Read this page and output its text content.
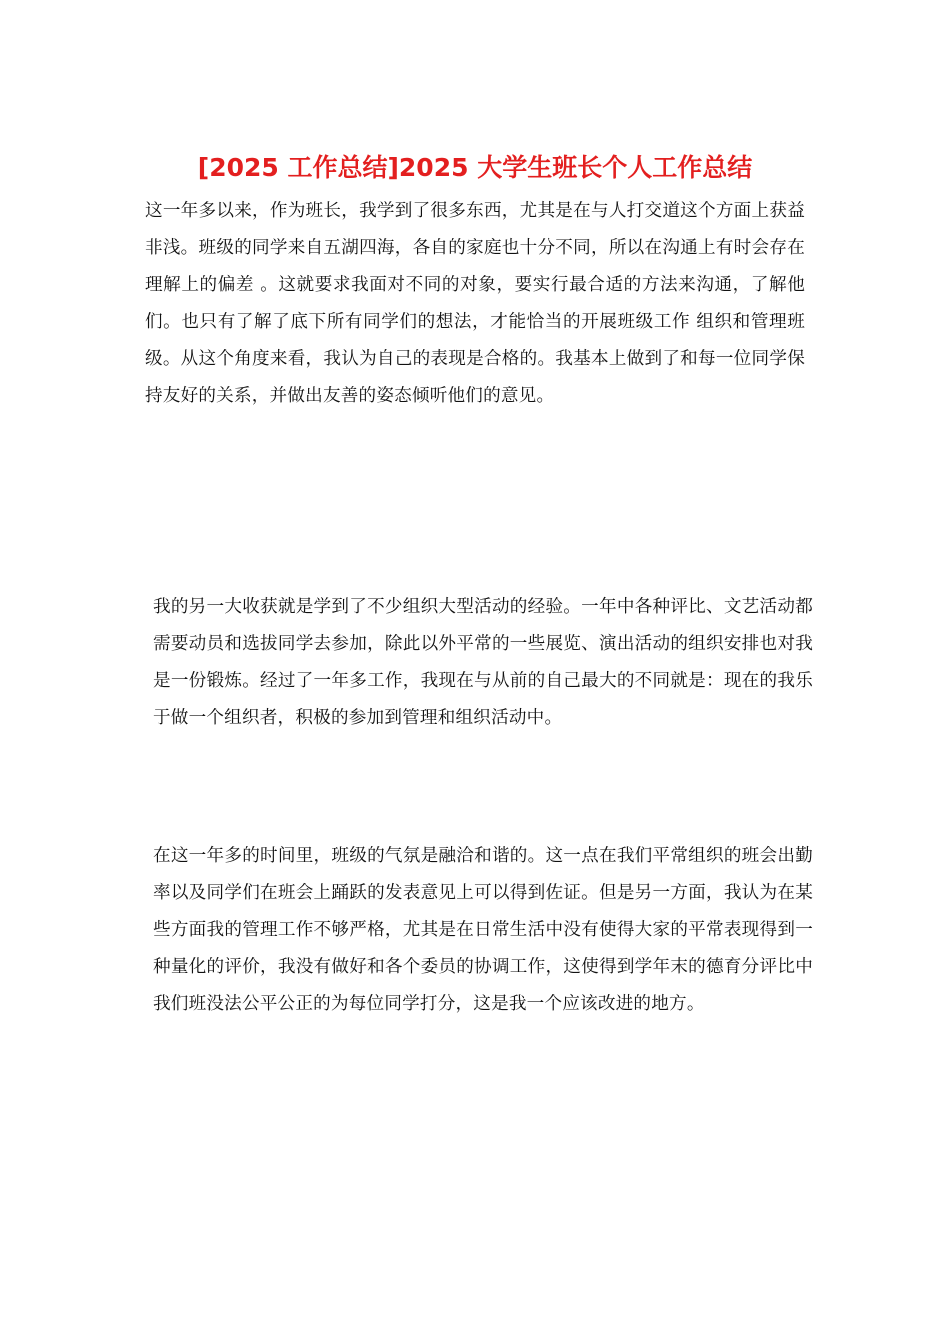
[2025 工作总结]2025 大学生班长个人工作总结

这一年多以来，作为班长，我学到了很多东西，尤其是在与人打交道这个方面上获益非浅。班级的同学来自五湖四海，各自的家庭也十分不同，所以在沟通上有时会存在 理解上的偏差 。这就要求我面对不同的对象，要实行最合适的方法来沟通，了解他们。也只有了解了底下所有同学们的想法，才能恰当的开展班级工作 组织和管理班级。从这个角度来看，我认为自己的表现是合格的。我基本上做到了和每一位同学保持友好的关系，并做出友善的姿态倾听他们的意见。

我的另一大收获就是学到了不少组织大型活动的经验。一年中各种评比、文艺活动都需要动员和选拔同学去参加，除此以外平常的一些展览、演出活动的组织安排也对我是一份锻炼。经过了一年多工作，我现在与从前的自己最大的不同就是：现在的我乐于做一个组织者，积极的参加到管理和组织活动中。

在这一年多的时间里，班级的气氛是融洽和谐的。这一点在我们平常组织的班会出勤率以及同学们在班会上踊跃的发表意见上可以得到佐证。但是另一方面，我认为在某些方面我的管理工作不够严格，尤其是在日常生活中没有使得大家的平常表现得到一种量化的评价，我没有做好和各个委员的协调工作，这使得到学年末的德育分评比中我们班没法公平公正的为每位同学打分，这是我一个应该改进的地方。
